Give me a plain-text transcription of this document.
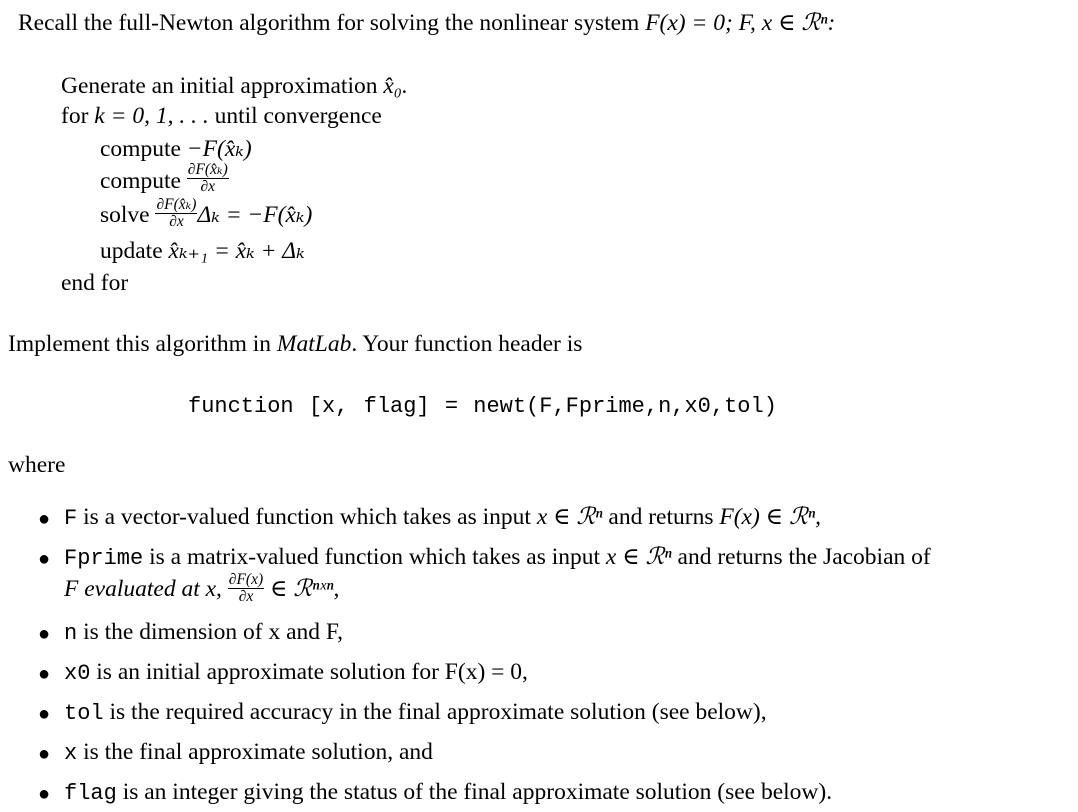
Recall the full-Newton algorithm for solving the nonlinear system F(x) = 0; F, x ∈ ℛⁿ:
Generate an initial approximation x̂₀.
for k = 0, 1, . . . until convergence
compute −F(x̂ₖ)
compute $\frac{\text{∂F(x̂ₖ)}}{\partial x}$
solve $\frac{\text{∂F(x̂ₖ)}}{\partial x}$ Δₖ = −F(x̂ₖ)
update x̂ₖ₊₁ = x̂ₖ + Δₖ
end for
Implement this algorithm in MatLab. Your function header is
function [x, flag] = newt(F,Fprime,n,x0,tol)
where
● F is a vector-valued function which takes as input x ∈ ℛⁿ and returns F(x) ∈ ℛⁿ,
● Fprime is a matrix-valued function which takes as input x ∈ ℛⁿ and returns the Jacobian of
F evaluated at x, $\frac{\partial F(x)}{\partial x}$ ∈ ℛⁿˣⁿ,
● n is the dimension of x and F,
● x0 is an initial approximate solution for F(x) = 0,
● tol is the required accuracy in the final approximate solution (see below),
● x is the final approximate solution, and
● flag is an integer giving the status of the final approximate solution (see below).
